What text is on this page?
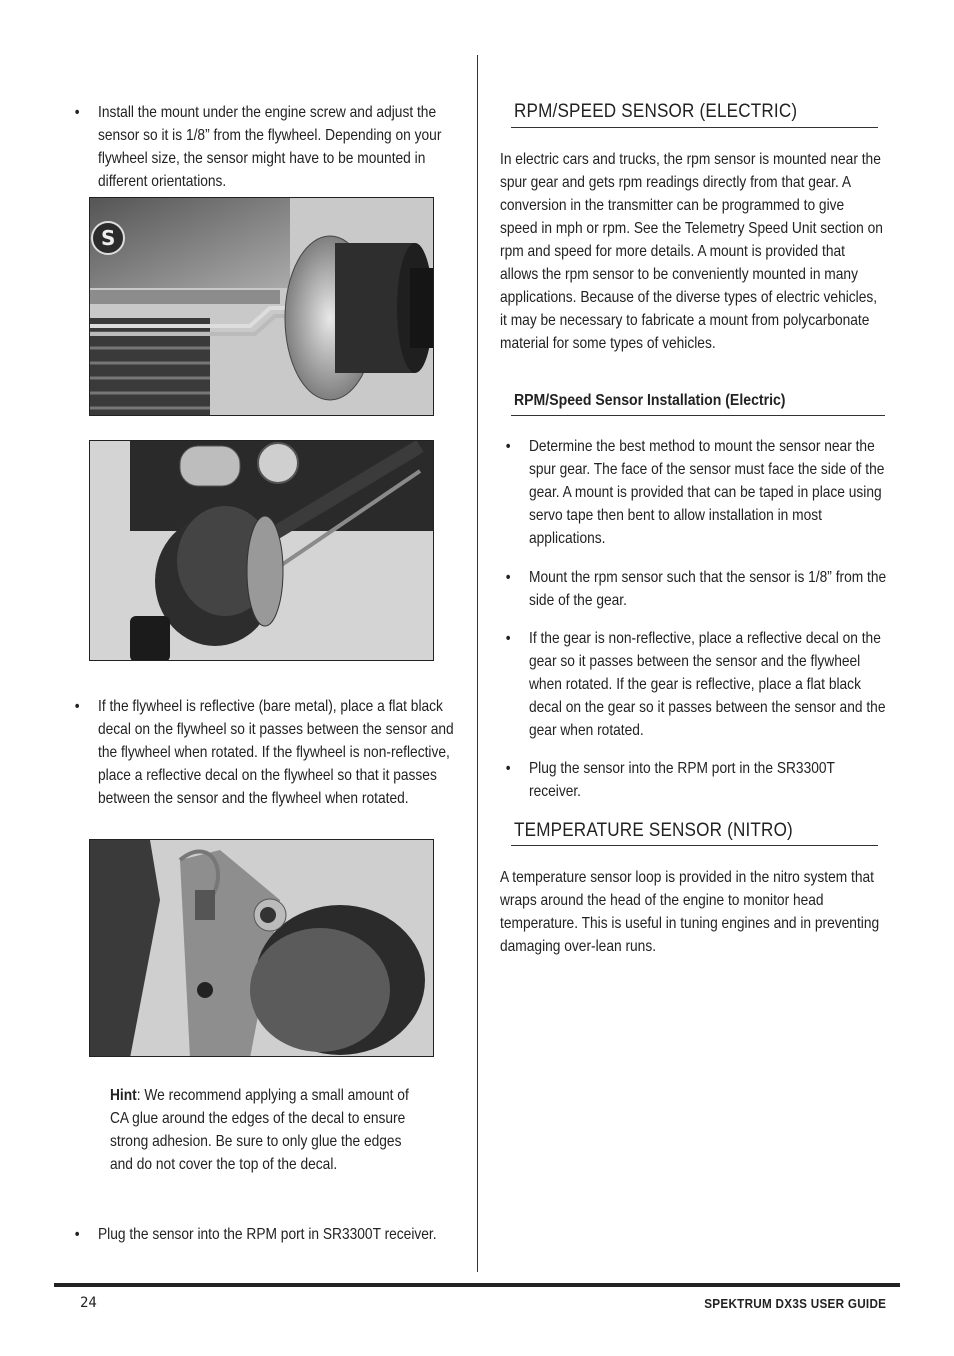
• Install the mount under the engine screw and adjust the sensor so it is 1/8” from the flywheel. Depending on your flywheel size, the sensor might have to be mounted in different orientations.

S
• If the flywheel is reflective (bare metal), place a flat black decal on the flywheel so it passes between the sensor and the flywheel when rotated. If the flywheel is non-reflective, place a reflective decal on the flywheel so that it passes between the sensor and the flywheel when rotated.

Hint: We recommend applying a small amount of CA glue around the edges of the decal to ensure strong adhesion. Be sure to only glue the edges and do not cover the top of the decal.
• Plug the sensor into the RPM port in SR3300T receiver.

RPM/SPEED SENSOR (ELECTRIC)
In electric cars and trucks, the rpm sensor is mounted near the spur gear and gets rpm readings directly from that gear. A conversion in the transmitter can be programmed to give speed in mph or rpm. See the Telemetry Speed Unit section on rpm and speed for more details. A mount is provided that allows the rpm sensor to be conveniently mounted in many applications. Because of the diverse types of electric vehicles, it may be necessary to fabricate a mount from polycarbonate material for some types of vehicles.
RPM/Speed Sensor Installation (Electric)
• Determine the best method to mount the sensor near the spur gear. The face of the sensor must face the side of the gear. A mount is provided that can be taped in place using servo tape then bent to allow installation in most applications.

• Mount the rpm sensor such that the sensor is 1/8” from the side of the gear.

• If the gear is non-reflective, place a reflective decal on the gear so it passes between the sensor and the flywheel when rotated. If the gear is reflective, place a flat black decal on the gear so it passes between the sensor and the gear when rotated.

• Plug the sensor into the RPM port in the SR3300T receiver.

TEMPERATURE SENSOR (NITRO)
A temperature sensor loop is provided in the nitro system that wraps around the head of the engine to monitor head temperature. This is useful in tuning engines and in preventing damaging over-lean runs.
24	SPEKTRUM DX3S USER GUIDE
